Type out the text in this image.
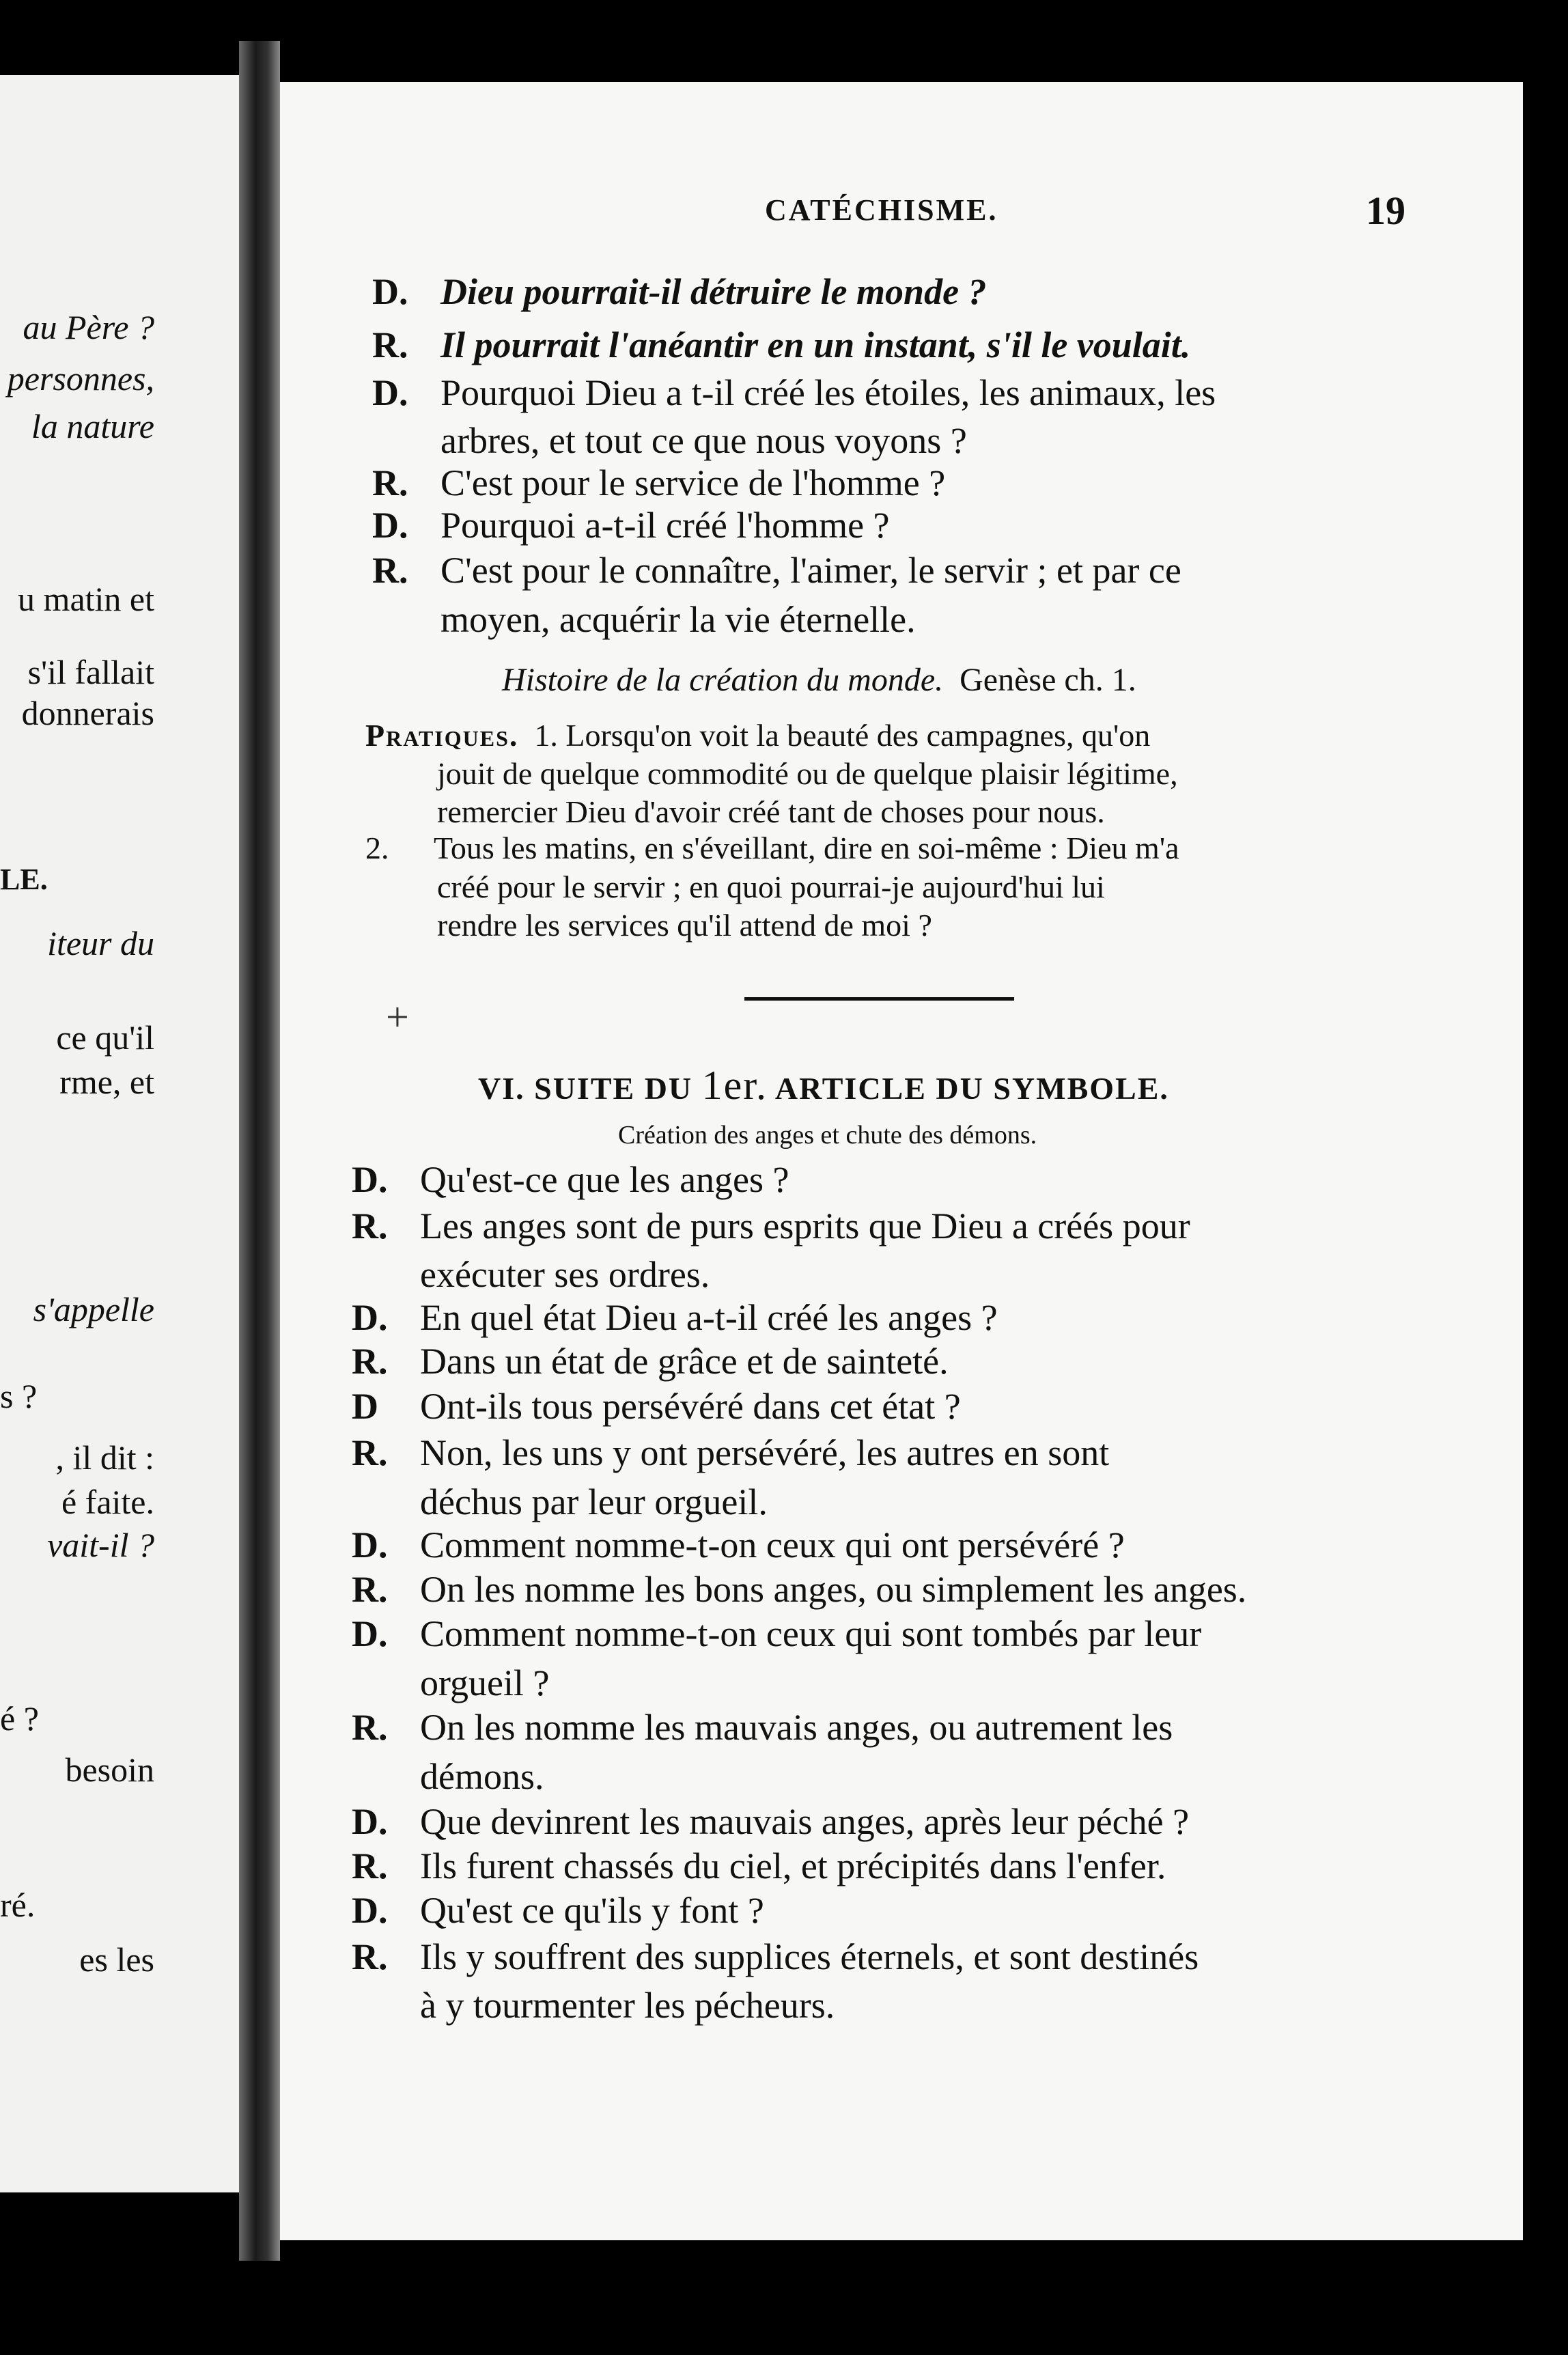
au Père ?
personnes,
la nature
u matin et
s'il fallait
donnerais
LE.
iteur du
ce qu'il
rme, et
s'appelle
s ?
, il dit :
é faite.
vait-il ?
é ?
besoin
ré.
es les
CATÉCHISME.	19
D. Dieu pourrait-il détruire le monde ?
R. Il pourrait l'anéantir en un instant, s'il le voulait.
D. Pourquoi Dieu a t-il créé les étoiles, les animaux, les
arbres, et tout ce que nous voyons ?
R. C'est pour le service de l'homme ?
D. Pourquoi a-t-il créé l'homme ?
R. C'est pour le connaître, l'aimer, le servir ; et par ce
moyen, acquérir la vie éternelle.
Histoire de la création du monde. Genèse ch. 1.
Pratiques. 1. Lorsqu'on voit la beauté des campagnes, qu'on
jouit de quelque commodité ou de quelque plaisir légitime,
remercier Dieu d'avoir créé tant de choses pour nous.
2. Tous les matins, en s'éveillant, dire en soi-même : Dieu m'a
créé pour le servir ; en quoi pourrai-je aujourd'hui lui
rendre les services qu'il attend de moi ?
+
VI. SUITE DU 1er. ARTICLE DU SYMBOLE.
Création des anges et chute des démons.
D. Qu'est-ce que les anges ?
R. Les anges sont de purs esprits que Dieu a créés pour
exécuter ses ordres.
D. En quel état Dieu a-t-il créé les anges ?
R. Dans un état de grâce et de sainteté.
D Ont-ils tous persévéré dans cet état ?
R. Non, les uns y ont persévéré, les autres en sont
déchus par leur orgueil.
D. Comment nomme-t-on ceux qui ont persévéré ?
R. On les nomme les bons anges, ou simplement les anges.
D. Comment nomme-t-on ceux qui sont tombés par leur
orgueil ?
R. On les nomme les mauvais anges, ou autrement les
démons.
D. Que devinrent les mauvais anges, après leur péché ?
R. Ils furent chassés du ciel, et précipités dans l'enfer.
D. Qu'est ce qu'ils y font ?
R. Ils y souffrent des supplices éternels, et sont destinés
à y tourmenter les pécheurs.
